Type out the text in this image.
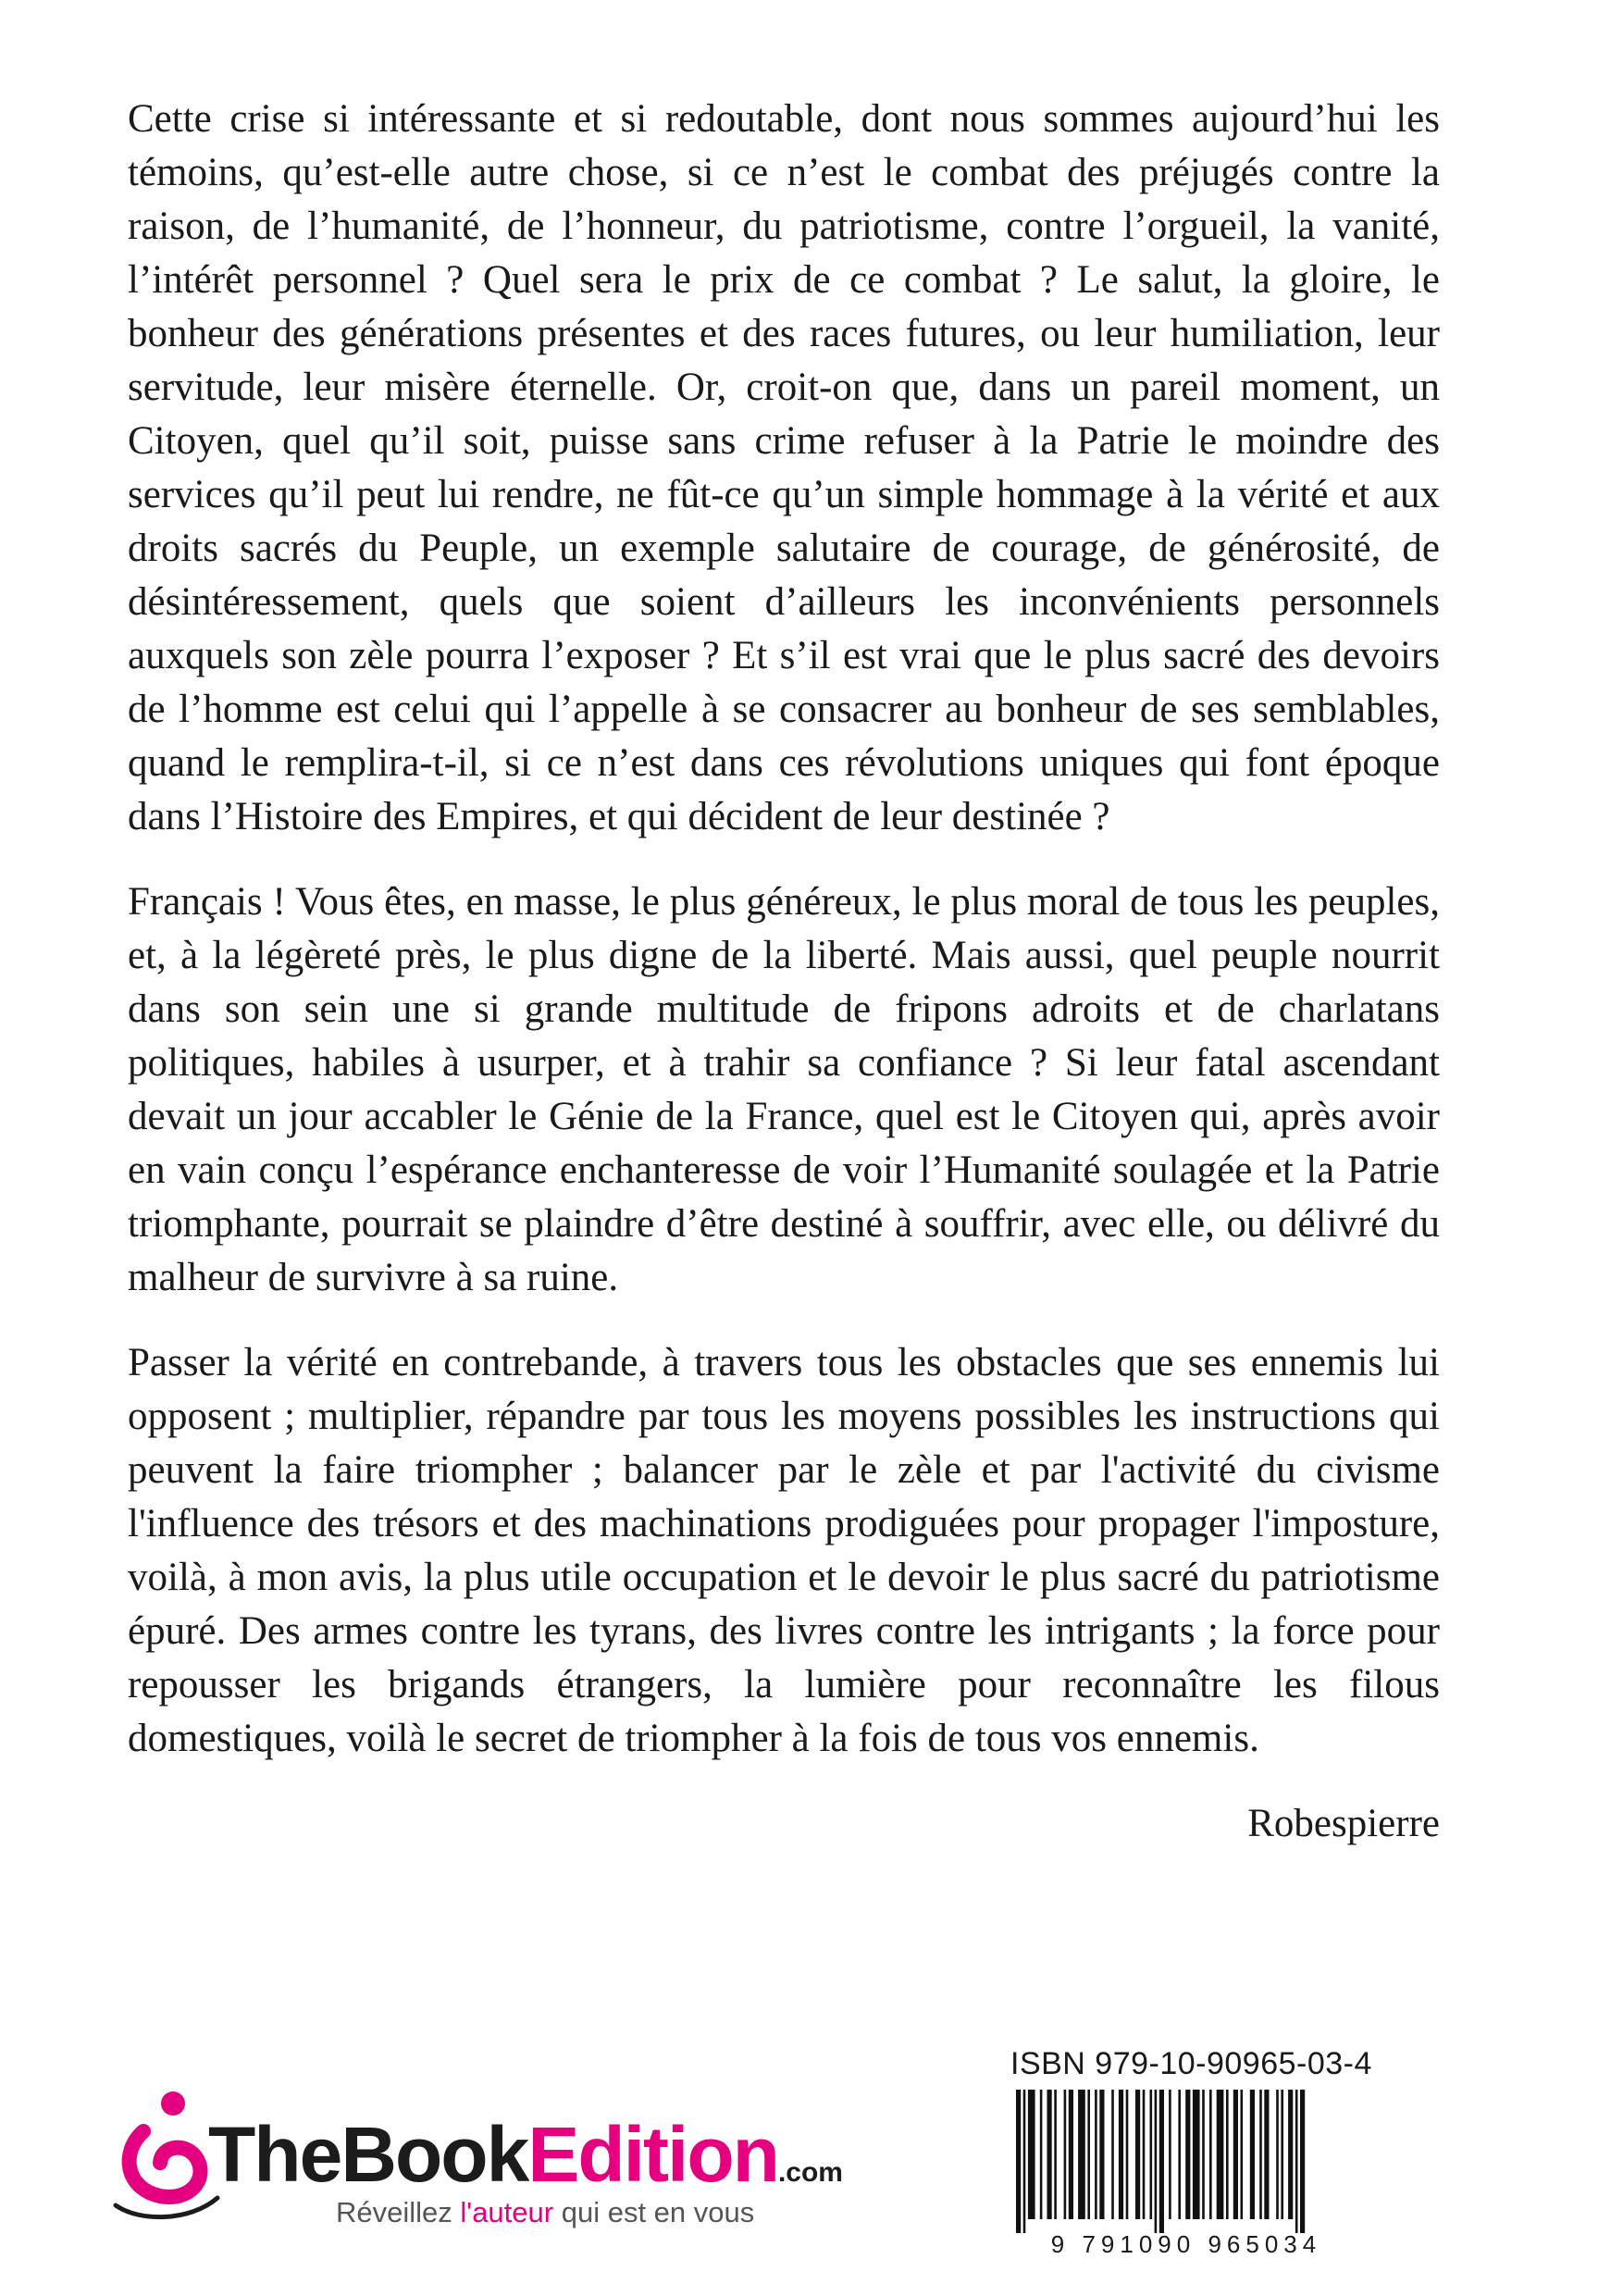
Cette crise si intéressante et si redoutable, dont nous sommes aujourd’hui les témoins, qu’est-elle autre chose, si ce n’est le combat des préjugés contre la raison, de l’humanité, de l’honneur, du patriotisme, contre l’orgueil, la vanité, l’intérêt personnel ? Quel sera le prix de ce combat ? Le salut, la gloire, le bonheur des générations présentes et des races futures, ou leur humiliation, leur servitude, leur misère éternelle. Or, croit-on que, dans un pareil moment, un Citoyen, quel qu’il soit, puisse sans crime refuser à la Patrie le moindre des services qu’il peut lui rendre, ne fût-ce qu’un simple hommage à la vérité et aux droits sacrés du Peuple, un exemple salutaire de courage, de générosité, de désintéressement, quels que soient d’ailleurs les inconvénients personnels auxquels son zèle pourra l’exposer ? Et s’il est vrai que le plus sacré des devoirs de l’homme est celui qui l’appelle à se consacrer au bonheur de ses semblables, quand le remplira-t-il, si ce n’est dans ces révolutions uniques qui font époque dans l’Histoire des Empires, et qui décident de leur destinée ?

Français ! Vous êtes, en masse, le plus généreux, le plus moral de tous les peuples, et, à la légèreté près, le plus digne de la liberté. Mais aussi, quel peuple nourrit dans son sein une si grande multitude de fripons adroits et de charlatans politiques, habiles à usurper, et à trahir sa confiance ? Si leur fatal ascendant devait un jour accabler le Génie de la France, quel est le Citoyen qui, après avoir en vain conçu l’espérance enchanteresse de voir l’Humanité soulagée et la Patrie triomphante, pourrait se plaindre d’être destiné à souffrir, avec elle, ou délivré du malheur de survivre à sa ruine.

Passer la vérité en contrebande, à travers tous les obstacles que ses ennemis lui opposent ; multiplier, répandre par tous les moyens possibles les instructions qui peuvent la faire triompher ; balancer par le zèle et par l'activité du civisme l'influence des trésors et des machinations prodiguées pour propager l'imposture, voilà, à mon avis, la plus utile occupation et le devoir le plus sacré du patriotisme épuré. Des armes contre les tyrans, des livres contre les intrigants ; la force pour repousser les brigands étrangers, la lumière pour reconnaître les filous domestiques, voilà le secret de triompher à la fois de tous vos ennemis.

Robespierre
TheBookEdition.com
Réveillez l'auteur qui est en vous
ISBN 979-10-90965-03-4
9 791090 965034
